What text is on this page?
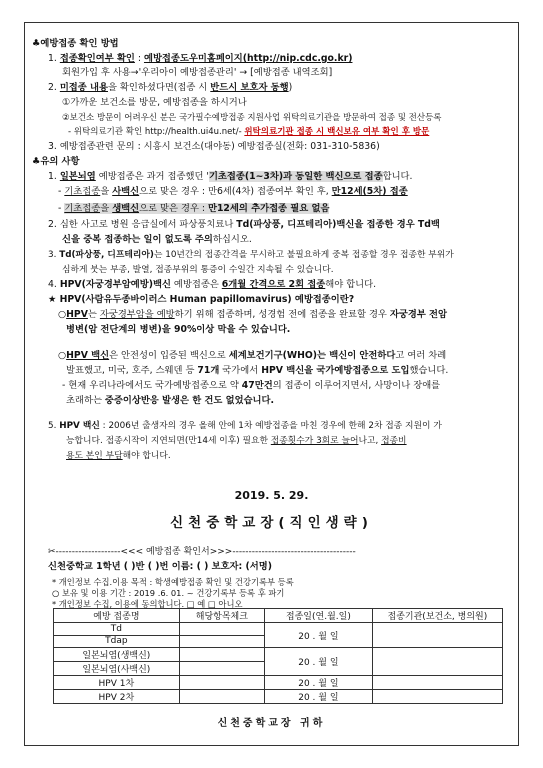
♣예방접종 확인 방법
1. 접종확인여부 확인 : 예방접종도우미홈페이지(http://nip.cdc.go.kr)
회원가입 후 사용→'우리아이 예방접종관리' → [예방접종 내역조회]
2. 미접종 내용을 확인하셨다면(접종 시 반드시 보호자 동행)
①가까운 보건소를 방문, 예방접종을 하시거나
②보건소 방문이 어려우신 분은 국가필수예방접종 지원사업 위탁의료기관을 방문하여 접종 및 전산등록
- 위탁의료기관 확인 http://health.ui4u.net/- 위탁의료기관 접종 시 백신보유 여부 확인 후 방문
3. 예방접종관련 문의 : 시흥시 보건소(대야동) 예방접종실(전화: 031-310-5836)
♣유의 사항
1. 일본뇌염 예방접종은 과거 접종했던 '기초접종(1~3차)과 동일한 백신으로 접종합니다.
- 기초접종을 사백신으로 맞은 경우 : 만6세(4차) 접종여부 확인 후, 만12세(5차) 접종
- 기초접종을 생백신으로 맞은 경우 : 만12세의 추가접종 필요 없음
2. 심한 사고로 병원 응급실에서 파상풍치료나 Td(파상풍, 디프테리아)백신을 접종한 경우 Td백
신을 중복 접종하는 일이 없도록 주의하십시오.
3. Td(파상풍, 디프테리아)는 10년간의 접종간격을 무시하고 불필요하게 중복 접종할 경우 접종한 부위가
심하게 붓는 부종, 발열, 접종부위의 통증이 수일간 지속될 수 있습니다.
4. HPV(자궁경부암예방)백신 예방접종은 6개월 간격으로 2회 접종해야 합니다.
★ HPV(사람유두종바이러스 Human papillomavirus) 예방접종이란?
○HPV는 자궁경부암을 예방하기 위해 접종하며, 성경험 전에 접종을 완료할 경우 자궁경부 전암
병변(암 전단계의 병변)을 90%이상 막을 수 있습니다.
○HPV 백신은 안전성이 입증된 백신으로 세계보건기구(WHO)는 백신이 안전하다고 여러 차례
발표했고, 미국, 호주, 스웨덴 등 71개 국가에서 HPV 백신을 국가예방접종으로 도입했습니다.
- 현재 우리나라에서도 국가예방접종으로 약 47만건의 접종이 이루어지면서, 사망이나 장애를
초래하는 중증이상반응 발생은 한 건도 없었습니다.
5. HPV 백신 : 2006년 출생자의 경우 올해 안에 1차 예방접종을 마친 경우에 한해 2차 접종 지원이 가
능합니다. 접종시작이 지연되면(만14세 이후) 필요한 접종횟수가 3회로 늘어나고, 접종비
용도 본인 부담해야 합니다.
2019. 5. 29.
신천중학교장(직인생략)
✂--------------------<<< 예방접종 확인서>>>--------------------------------------
신천중학교 1학년 ( )반 ( )번 이름: ( ) 보호자: (서명)
* 개인정보 수집.이용 목적 : 학생예방접종 확인 및 건강기록부 등록
○ 보유 및 이용 기간 : 2019 .6. 01. ~ 건강기록부 등록 후 파기
* 개인정보 수집, 이용에 동의합니다. □ 예 □ 아니오
예방 접종명	해당항목체크	접종일(연.월.일)	접종기관(보건소, 병의원)
Td		20 . 월 일	
Tdap			
일본뇌염(생백신)		20 . 월 일	
일본뇌염(사백신)			
HPV 1차		20 . 월 일	
HPV 2차		20 . 월 일	
신천중학교장 귀하
